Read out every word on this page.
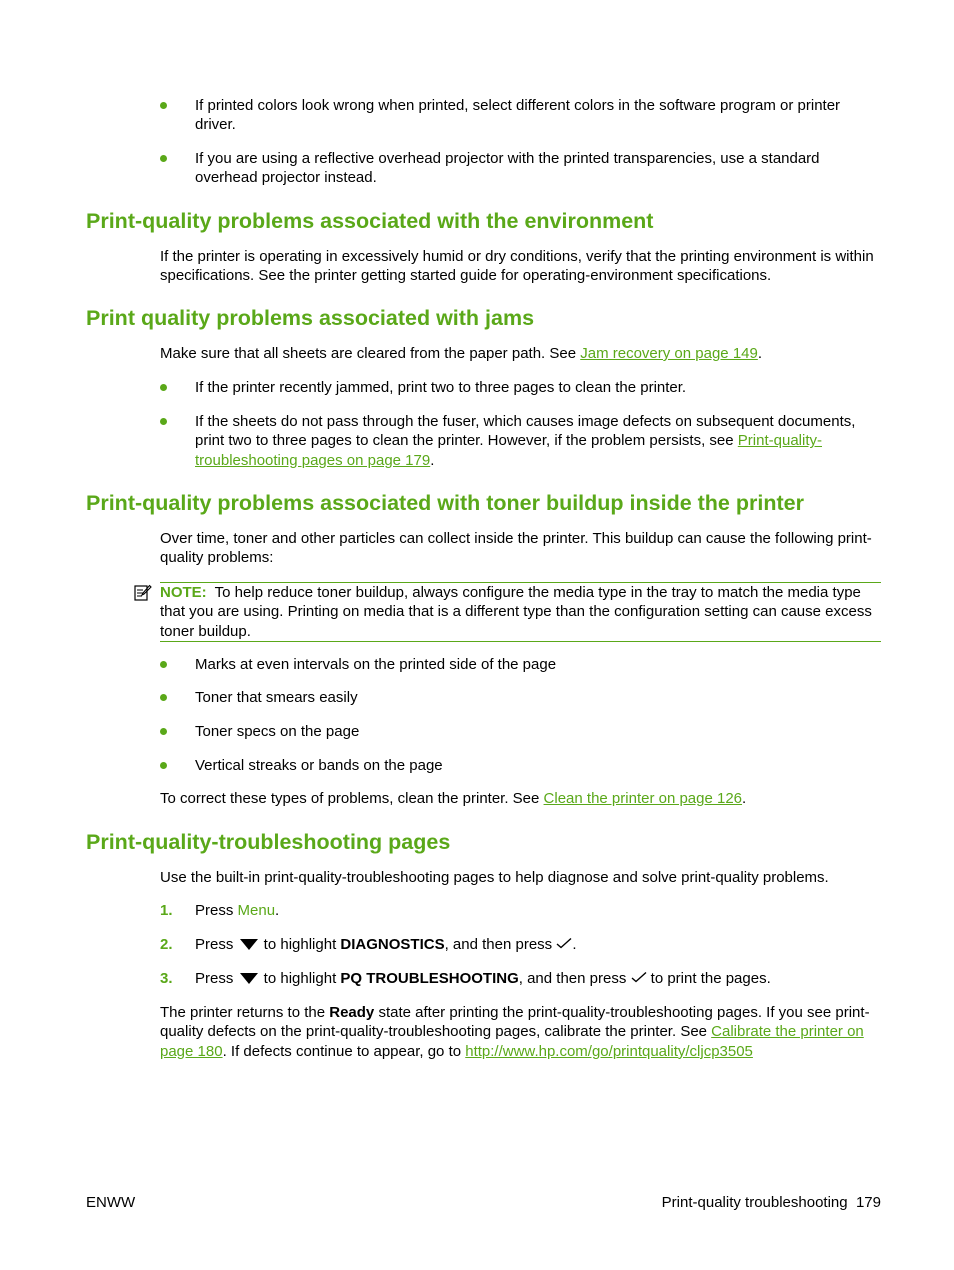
If printed colors look wrong when printed, select different colors in the software program or printer driver.
If you are using a reflective overhead projector with the printed transparencies, use a standard overhead projector instead.
Print-quality problems associated with the environment

If the printer is operating in excessively humid or dry conditions, verify that the printing environment is within specifications. See the printer getting started guide for operating-environment specifications.

Print quality problems associated with jams

Make sure that all sheets are cleared from the paper path. See Jam recovery on page 149.

If the printer recently jammed, print two to three pages to clean the printer.
If the sheets do not pass through the fuser, which causes image defects on subsequent documents, print two to three pages to clean the printer. However, if the problem persists, see Print-quality-troubleshooting pages on page 179.
Print-quality problems associated with toner buildup inside the printer

Over time, toner and other particles can collect inside the printer. This buildup can cause the following print-quality problems:

NOTE: To help reduce toner buildup, always configure the media type in the tray to match the media type that you are using. Printing on media that is a different type than the configuration setting can cause excess toner buildup.
Marks at even intervals on the printed side of the page
Toner that smears easily
Toner specs on the page
Vertical streaks or bands on the page

To correct these types of problems, clean the printer. See Clean the printer on page 126.

Print-quality-troubleshooting pages

Use the built-in print-quality-troubleshooting pages to help diagnose and solve print-quality problems.

1. Press Menu.
2. Press  to highlight DIAGNOSTICS, and then press .
3. Press  to highlight PQ TROUBLESHOOTING, and then press  to print the pages.

The printer returns to the Ready state after printing the print-quality-troubleshooting pages. If you see print-quality defects on the print-quality-troubleshooting pages, calibrate the printer. See Calibrate the printer on page 180. If defects continue to appear, go to http://www.hp.com/go/printquality/cljcp3505

ENWW	Print-quality troubleshooting 179
